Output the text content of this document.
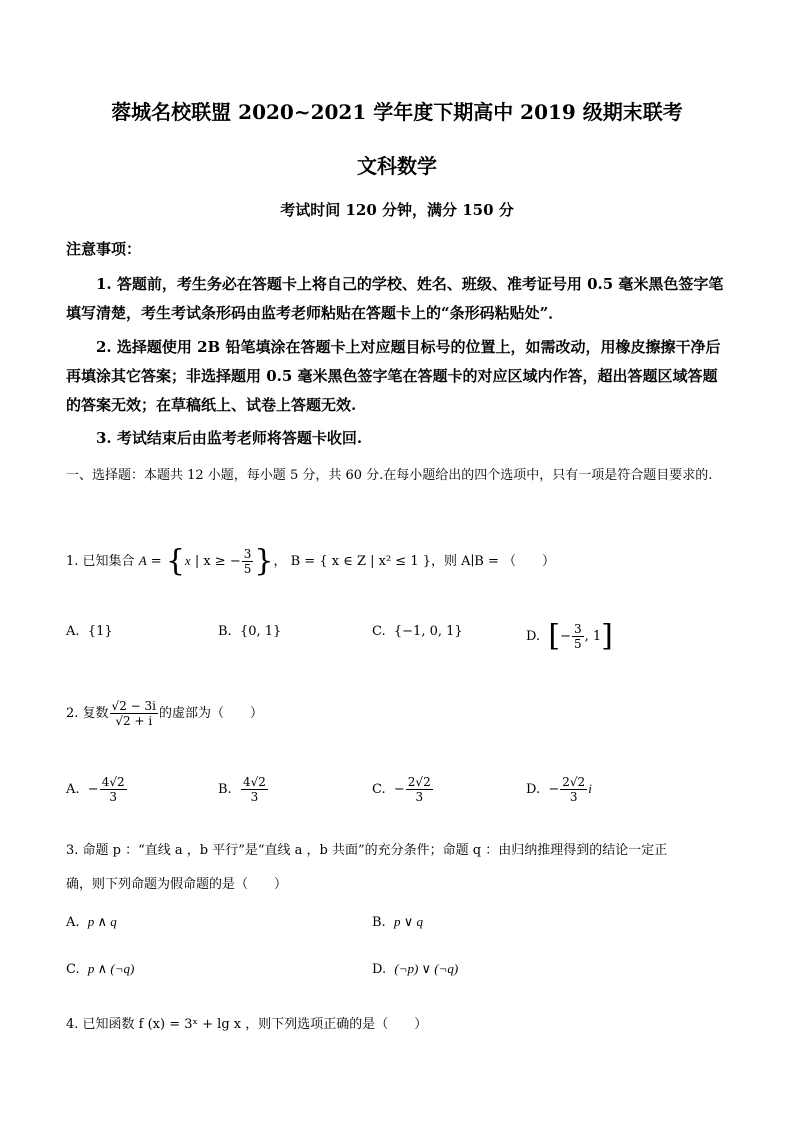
蓉城名校联盟 2020~2021 学年度下期高中 2019 级期末联考
文科数学
考试时间 120 分钟，满分 150 分
注意事项：
1. 答题前，考生务必在答题卡上将自己的学校、姓名、班级、准考证号用 0.5 毫米黑色签字笔填写清楚，考生考试条形码由监考老师粘贴在答题卡上的“条形码粘贴处”．
2. 选择题使用 2B 铅笔填涂在答题卡上对应题目标号的位置上，如需改动，用橡皮擦擦干净后再填涂其它答案；非选择题用 0.5 毫米黑色签字笔在答题卡的对应区域内作答，超出答题区域答题的答案无效；在草稿纸上、试卷上答题无效.
3. 考试结束后由监考老师将答题卡收回.
一、选择题：本题共 12 小题，每小题 5 分，共 60 分.在每小题给出的四个选项中，只有一项是符合题目要求的.
1. 已知集合 A = {x | x ≥ − $\frac{3}{5}$ }， B = { x ∈ Z | x² ≤ 1 }，则 A∣B = （　　）
A. {1}	B. {0, 1}	C. {−1, 0, 1}	D. [− $\frac{3}{5}$ , 1]
2. 复数 $\frac{√2 - 3i}{√2 + i}$ 的虚部为（　　）
A. − $\frac{4√2}{3}$	B. $\frac{4√2}{3}$	C. − $\frac{2√2}{3}$	D. − $\frac{2√2}{3}$ i
3. 命题 p ：“直线 a ，b 平行”是“直线 a ，b 共面”的充分条件；命题 q ：由归纳推理得到的结论一定正
确，则下列命题为假命题的是（　　）
A. p ∧ q	B. p ∨ q
C. p ∧ (¬q)	D. (¬p) ∨ (¬q)
4. 已知函数 f (x) = 3ˣ + lg x ，则下列选项正确的是（　　）
